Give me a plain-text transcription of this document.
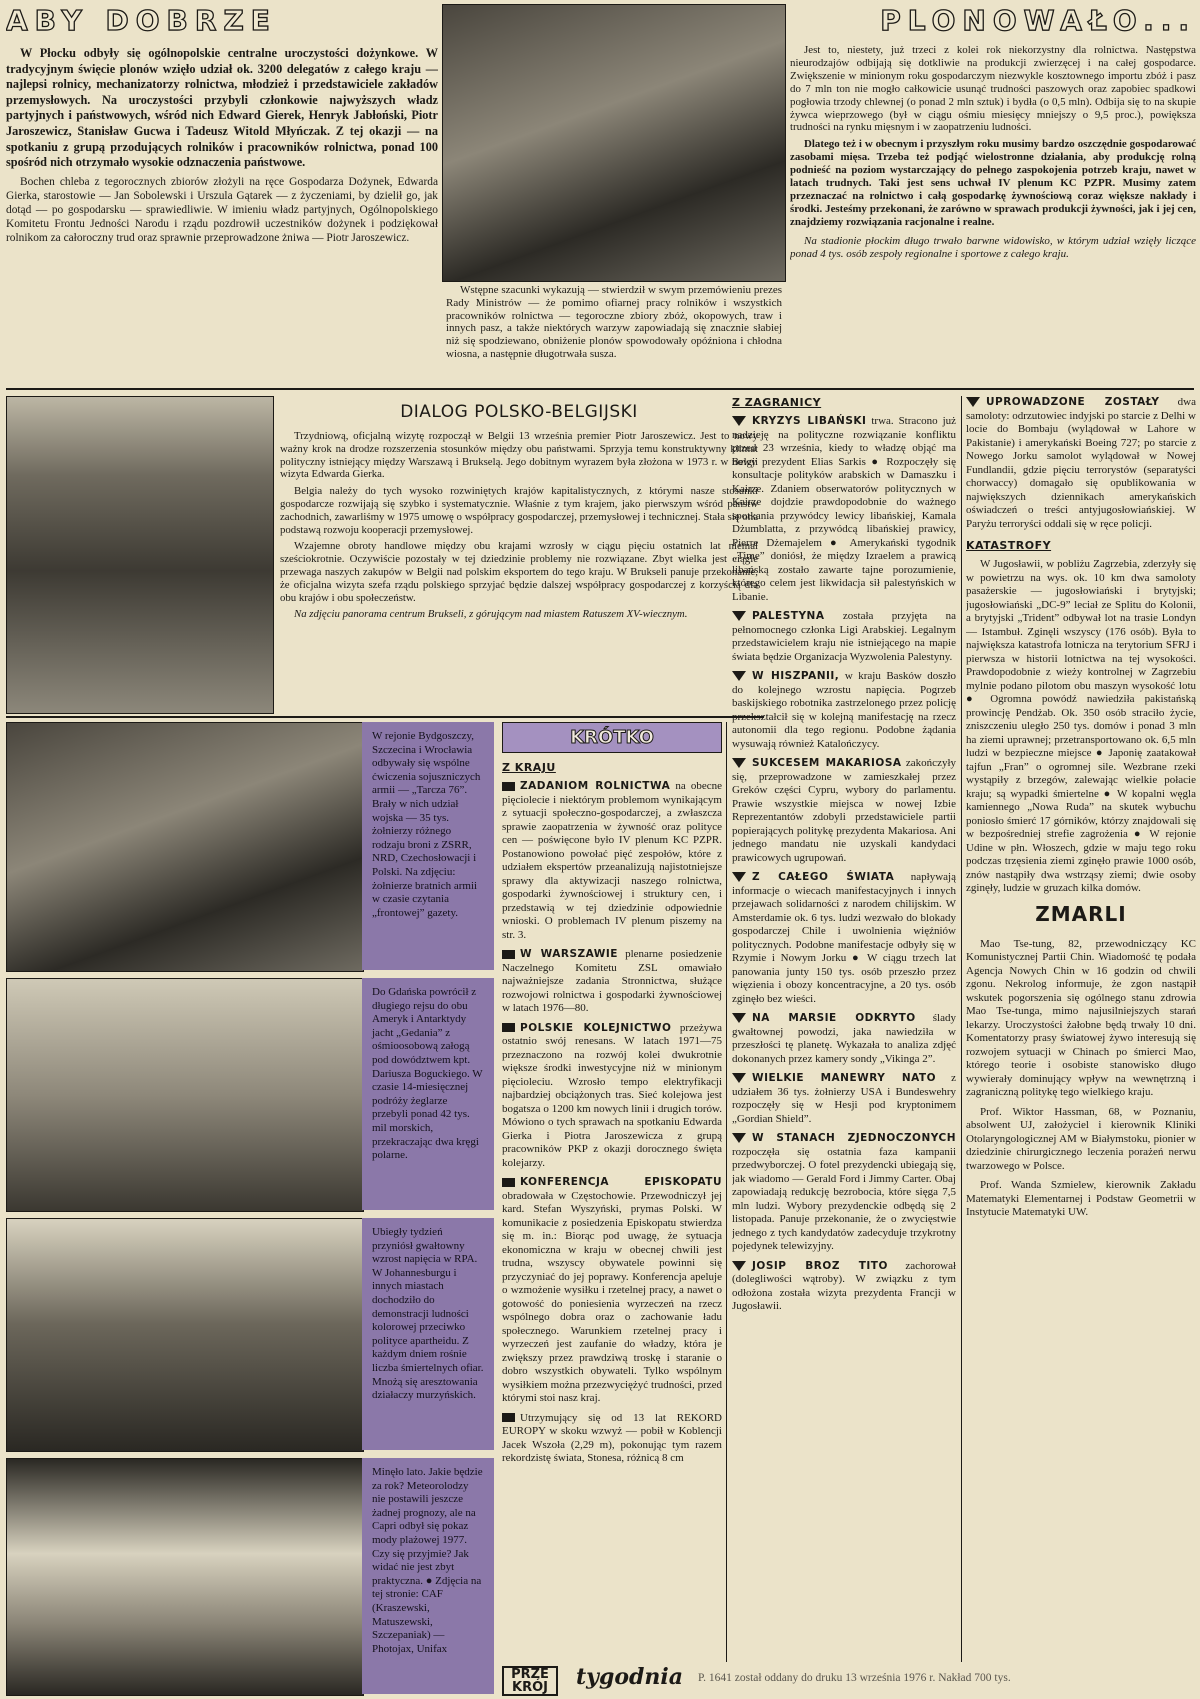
ABY DOBRZE

W Płocku odbyły się ogólnopolskie centralne uroczystości dożynkowe. W tradycyjnym święcie plonów wzięło udział ok. 3200 delegatów z całego kraju — najlepsi rolnicy, mechanizatorzy rolnictwa, młodzież i przedstawiciele zakładów przemysłowych. Na uroczystości przybyli członkowie najwyższych władz partyjnych i państwowych, wśród nich Edward Gierek, Henryk Jabłoński, Piotr Jaroszewicz, Stanisław Gucwa i Tadeusz Witold Młyńczak. Z tej okazji — na spotkaniu z grupą przodujących rolników i pracowników rolnictwa, ponad 100 spośród nich otrzymało wysokie odznaczenia państwowe.

Bochen chleba z tegorocznych zbiorów złożyli na ręce Gospodarza Dożynek, Edwarda Gierka, starostowie — Jan Sobolewski i Urszula Gątarek — z życzeniami, by dzielił go, jak dotąd — po gospodarsku — sprawiedliwie. W imieniu władz partyjnych, Ogólnopolskiego Komitetu Frontu Jedności Narodu i rządu pozdrowił uczestników dożynek i podziękował rolnikom za całoroczny trud oraz sprawnie przeprowadzone żniwa — Piotr Jaroszewicz.

Wstępne szacunki wykazują — stwierdził w swym przemówieniu prezes Rady Ministrów — że pomimo ofiarnej pracy rolników i wszystkich pracowników rolnictwa — tegoroczne zbiory zbóż, okopowych, traw i innych pasz, a także niektórych warzyw zapowiadają się znacznie słabiej niż się spodziewano, obniżenie plonów spowodowały opóźniona i chłodna wiosna, a następnie długotrwała susza.

PLONOWAŁO...

Jest to, niestety, już trzeci z kolei rok niekorzystny dla rolnictwa. Następstwa nieurodzajów odbijają się dotkliwie na produkcji zwierzęcej i na całej gospodarce. Zwiększenie w minionym roku gospodarczym niezwykle kosztownego importu zbóż i pasz do 7 mln ton nie mogło całkowicie usunąć trudności paszowych oraz zapobiec spadkowi pogłowia trzody chlewnej (o ponad 2 mln sztuk) i bydła (o 0,5 mln). Odbija się to na skupie żywca wieprzowego (był w ciągu ośmiu miesięcy mniejszy o 9,5 proc.), powiększa trudności na rynku mięsnym i w zaopatrzeniu ludności.

Dlatego też i w obecnym i przyszłym roku musimy bardzo oszczędnie gospodarować zasobami mięsa. Trzeba też podjąć wielostronne działania, aby produkcję rolną podnieść na poziom wystarczający do pełnego zaspokojenia potrzeb kraju, nawet w latach trudnych. Taki jest sens uchwał IV plenum KC PZPR. Musimy zatem przeznaczać na rolnictwo i całą gospodarkę żywnościową coraz większe nakłady i środki. Jesteśmy przekonani, że zarówno w sprawach produkcji żywności, jak i jej cen, znajdziemy rozwiązania racjonalne i realne.

Na stadionie płockim długo trwało barwne widowisko, w którym udział wzięły liczące ponad 4 tys. osób zespoły regionalne i sportowe z całego kraju.

DIALOG POLSKO-BELGIJSKI

Trzydniową, oficjalną wizytę rozpoczął w Belgii 13 września premier Piotr Jaroszewicz. Jest to nowy ważny krok na drodze rozszerzenia stosunków między obu państwami. Sprzyja temu konstruktywny klimat polityczny istniejący między Warszawą i Brukselą. Jego dobitnym wyrazem była złożona w 1973 r. w Belgii wizyta Edwarda Gierka.

Belgia należy do tych wysoko rozwiniętych krajów kapitalistycznych, z którymi nasze stosunki gospodarcze rozwijają się szybko i systematycznie. Właśnie z tym krajem, jako pierwszym wśród państw zachodnich, zawarliśmy w 1975 umowę o współpracy gospodarczej, przemysłowej i technicznej. Stała się ona podstawą rozwoju kooperacji przemysłowej.

Wzajemne obroty handlowe między obu krajami wzrosły w ciągu pięciu ostatnich lat niemal sześciokrotnie. Oczywiście pozostały w tej dziedzinie problemy nie rozwiązane. Zbyt wielka jest ciągle przewaga naszych zakupów w Belgii nad polskim eksportem do tego kraju. W Brukseli panuje przekonanie, że oficjalna wizyta szefa rządu polskiego sprzyjać będzie dalszej współpracy gospodarczej z korzyścią dla obu krajów i obu społeczeństw.

Na zdjęciu panorama centrum Brukseli, z górującym nad miastem Ratuszem XV-wiecznym.

W rejonie Bydgoszczy, Szczecina i Wrocławia odbywały się wspólne ćwiczenia sojuszniczych armii — „Tarcza 76”. Brały w nich udział wojska — 35 tys. żołnierzy różnego rodzaju broni z ZSRR, NRD, Czechosłowacji i Polski. Na zdjęciu: żołnierze bratnich armii w czasie czytania „frontowej” gazety.

Do Gdańska powrócił z długiego rejsu do obu Ameryk i Antarktydy jacht „Gedania” z ośmioosobową załogą pod dowództwem kpt. Dariusza Boguckiego. W czasie 14-miesięcznej podróży żeglarze przebyli ponad 42 tys. mil morskich, przekraczając dwa kręgi polarne.

Ubiegły tydzień przyniósł gwałtowny wzrost napięcia w RPA. W Johannesburgu i innych miastach dochodziło do demonstracji ludności kolorowej przeciwko polityce apartheidu. Z każdym dniem rośnie liczba śmiertelnych ofiar. Mnożą się aresztowania działaczy murzyńskich.

Minęło lato. Jakie będzie za rok? Meteorolodzy nie postawili jeszcze żadnej prognozy, ale na Capri odbył się pokaz mody plażowej 1977. Czy się przyjmie? Jak widać nie jest zbyt praktyczna. ● Zdjęcia na tej stronie: CAF (Kraszewski, Matuszewski, Szczepaniak) — Photojax, Unifax

KRÓTKO
Z KRAJU
ZADANIOM ROLNICTWA na obecne pięciolecie i niektórym problemom wynikającym z sytuacji społeczno-gospodarczej, a zwłaszcza sprawie zaopatrzenia w żywność oraz polityce cen — poświęcone było IV plenum KC PZPR. Postanowiono powołać pięć zespołów, które z udziałem ekspertów przeanalizują najistotniejsze sprawy dla aktywizacji naszego rolnictwa, gospodarki żywnościowej i struktury cen, i przedstawią w tej dziedzinie odpowiednie wnioski. O problemach IV plenum piszemy na str. 3.
W WARSZAWIE plenarne posiedzenie Naczelnego Komitetu ZSL omawiało najważniejsze zadania Stronnictwa, służące rozwojowi rolnictwa i gospodarki żywnościowej w latach 1976—80.
POLSKIE KOLEJNICTWO przeżywa ostatnio swój renesans. W latach 1971—75 przeznaczono na rozwój kolei dwukrotnie większe środki inwestycyjne niż w minionym pięcioleciu. Wzrosło tempo elektryfikacji najbardziej obciążonych tras. Sieć kolejowa jest bogatsza o 1200 km nowych linii i drugich torów. Mówiono o tych sprawach na spotkaniu Edwarda Gierka i Piotra Jaroszewicza z grupą pracowników PKP z okazji dorocznego święta kolejarzy.
KONFERENCJA EPISKOPATU obradowała w Częstochowie. Przewodniczył jej kard. Stefan Wyszyński, prymas Polski. W komunikacie z posiedzenia Episkopatu stwierdza się m. in.: Biorąc pod uwagę, że sytuacja ekonomiczna w kraju w obecnej chwili jest trudna, wszyscy obywatele powinni się przyczyniać do jej poprawy. Konferencja apeluje o wzmożenie wysiłku i rzetelnej pracy, a nawet o gotowość do poniesienia wyrzeczeń na rzecz wspólnego dobra oraz o zachowanie ładu społecznego. Warunkiem rzetelnej pracy i wyrzeczeń jest zaufanie do władzy, która je zwiększy przez prawdziwą troskę i staranie o dobro wszystkich obywateli. Tylko wspólnym wysiłkiem można przezwyciężyć trudności, przed którymi stoi nasz kraj.
Utrzymujący się od 13 lat REKORD EUROPY w skoku wzwyż — pobił w Koblencji Jacek Wszoła (2,29 m), pokonując tym razem rekordzistę świata, Stonesa, różnicą 8 cm
Z ZAGRANICY
KRYZYS LIBAŃSKI trwa. Stracono już nadzieję na polityczne rozwiązanie konfliktu przed 23 września, kiedy to władzę objąć ma nowy prezydent Elias Sarkis ● Rozpoczęły się konsultacje polityków arabskich w Damaszku i Kairze. Zdaniem obserwatorów politycznych w Kairze dojdzie prawdopodobnie do ważnego spotkania przywódcy lewicy libańskiej, Kamala Dżumblatta, z przywódcą libańskiej prawicy, Pierre Dżemajelem ● Amerykański tygodnik „Time” doniósł, że między Izraelem a prawicą libańską zostało zawarte tajne porozumienie, którego celem jest likwidacja sił palestyńskich w Libanie.
PALESTYNA została przyjęta na pełnomocnego członka Ligi Arabskiej. Legalnym przedstawicielem kraju nie istniejącego na mapie świata będzie Organizacja Wyzwolenia Palestyny.
W HISZPANII, w kraju Basków doszło do kolejnego wzrostu napięcia. Pogrzeb baskijskiego robotnika zastrzelonego przez policję przekształcił się w kolejną manifestację na rzecz autonomii dla tego regionu. Podobne żądania wysuwają również Katalończycy.
SUKCESEM MAKARIOSA zakończyły się, przeprowadzone w zamieszkałej przez Greków części Cypru, wybory do parlamentu. Prawie wszystkie miejsca w nowej Izbie Reprezentantów zdobyli przedstawiciele partii popierających politykę prezydenta Makariosa. Ani jednego mandatu nie uzyskali kandydaci prawicowych ugrupowań.
Z CAŁEGO ŚWIATA napływają informacje o wiecach manifestacyjnych i innych przejawach solidarności z narodem chilijskim. W Amsterdamie ok. 6 tys. ludzi wezwało do blokady gospodarczej Chile i uwolnienia więźniów politycznych. Podobne manifestacje odbyły się w Rzymie i Nowym Jorku ● W ciągu trzech lat panowania junty 150 tys. osób przeszło przez więzienia i obozy koncentracyjne, a 20 tys. osób zginęło bez wieści.
NA MARSIE ODKRYTO ślady gwałtownej powodzi, jaka nawiedziła w przeszłości tę planetę. Wykazała to analiza zdjęć dokonanych przez kamery sondy „Vikinga 2”.
WIELKIE MANEWRY NATO z udziałem 36 tys. żołnierzy USA i Bundeswehry rozpoczęły się w Hesji pod kryptonimem „Gordian Shield”.
W STANACH ZJEDNOCZONYCH rozpoczęła się ostatnia faza kampanii przedwyborczej. O fotel prezydencki ubiegają się, jak wiadomo — Gerald Ford i Jimmy Carter. Obaj zapowiadają redukcję bezrobocia, które sięga 7,5 mln ludzi. Wybory prezydenckie odbędą się 2 listopada. Panuje przekonanie, że o zwycięstwie jednego z tych kandydatów zadecyduje trzykrotny pojedynek telewizyjny.
JOSIP BROZ TITO zachorował (dolegliwości wątroby). W związku z tym odłożona została wizyta prezydenta Francji w Jugosławii.
UPROWADZONE ZOSTAŁY dwa samoloty: odrzutowiec indyjski po starcie z Delhi w locie do Bombaju (wylądował w Lahore w Pakistanie) i amerykański Boeing 727; po starcie z Nowego Jorku samolot wylądował w Nowej Fundlandii, gdzie pięciu terrorystów (separatyści chorwaccy) domagało się opublikowania w największych dziennikach amerykańskich oświadczeń o treści antyjugosłowiańskiej. W Paryżu terroryści oddali się w ręce policji.
KATASTROFY
W Jugosławii, w pobliżu Zagrzebia, zderzyły się w powietrzu na wys. ok. 10 km dwa samoloty pasażerskie — jugosłowiański i brytyjski; jugosłowiański „DC-9” leciał ze Splitu do Kolonii, a brytyjski „Trident” odbywał lot na trasie Londyn — Istambuł. Zginęli wszyscy (176 osób). Była to największa katastrofa lotnicza na terytorium SFRJ i pierwsza w historii lotnictwa na tej wysokości. Prawdopodobnie z wieży kontrolnej w Zagrzebiu mylnie podano pilotom obu maszyn wysokość lotu ● Ogromna powódź nawiedziła pakistańską prowincję Pendżab. Ok. 350 osób straciło życie, zniszczeniu uległo 250 tys. domów i ponad 3 mln ha ziemi uprawnej; przetransportowano ok. 6,5 mln ludzi w bezpieczne miejsce ● Japonię zaatakował tajfun „Fran” o ogromnej sile. Wezbrane rzeki wystąpiły z brzegów, zalewając wielkie połacie kraju; są wypadki śmiertelne ● W kopalni węgla kamiennego „Nowa Ruda” na skutek wybuchu poniosło śmierć 17 górników, którzy znajdowali się w bezpośredniej strefie zagrożenia ● W rejonie Udine w płn. Włoszech, gdzie w maju tego roku podczas trzęsienia ziemi zginęło prawie 1000 osób, znów nastąpiły dwa wstrząsy ziemi; dwie osoby zginęły, ludzie w gruzach kilka domów.
ZMARLI
Mao Tse-tung, 82, przewodniczący KC Komunistycznej Partii Chin. Wiadomość tę podała Agencja Nowych Chin w 16 godzin od chwili zgonu. Nekrolog informuje, że zgon nastąpił wskutek pogorszenia się ogólnego stanu zdrowia Mao Tse-tunga, mimo najusilniejszych starań lekarzy. Uroczystości żałobne będą trwały 10 dni. Komentatorzy prasy światowej żywo interesują się rozwojem sytuacji w Chinach po śmierci Mao, którego teorie i osobiste stanowisko długo wywierały dominujący wpływ na wewnętrzną i zagraniczną politykę tego wielkiego kraju.
Prof. Wiktor Hassman, 68, w Poznaniu, absolwent UJ, założyciel i kierownik Kliniki Otolaryngologicznej AM w Białymstoku, pionier w dziedzinie chirurgicznego leczenia porażeń nerwu twarzowego w Polsce.
Prof. Wanda Szmielew, kierownik Zakładu Matematyki Elementarnej i Podstaw Geometrii w Instytucie Matematyki UW.
PRZE KRÓJ	tygodnia P. 1641 został oddany do druku 13 września 1976 r. Nakład 700 tys.
